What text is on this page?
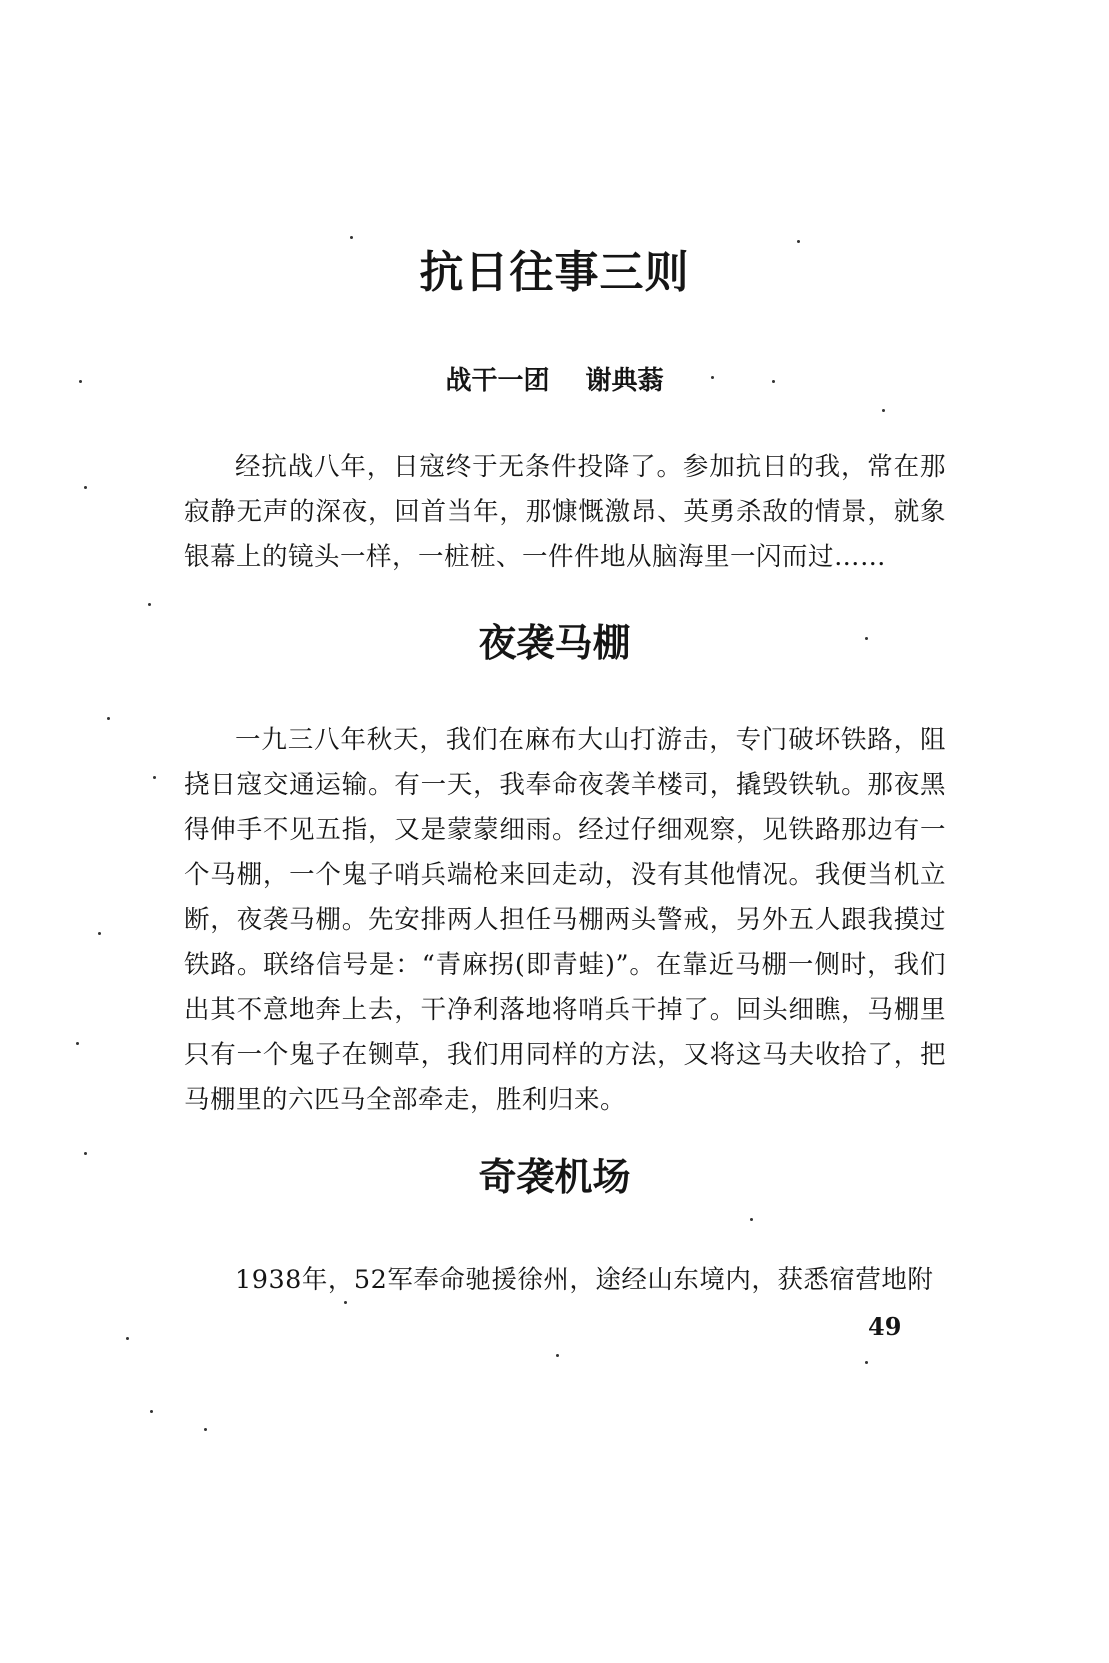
抗日往事三则

战干一团 谢典蓊

经抗战八年，日寇终于无条件投降了。参加抗日的我，常在那寂静无声的深夜，回首当年，那慷慨激昂、英勇杀敌的情景，就象银幕上的镜头一样，一桩桩、一件件地从脑海里一闪而过……

夜袭马棚

一九三八年秋天，我们在麻布大山打游击，专门破坏铁路，阻挠日寇交通运输。有一天，我奉命夜袭羊楼司，撬毁铁轨。那夜黑得伸手不见五指，又是蒙蒙细雨。经过仔细观察，见铁路那边有一个马棚，一个鬼子哨兵端枪来回走动，没有其他情况。我便当机立断，夜袭马棚。先安排两人担任马棚两头警戒，另外五人跟我摸过铁路。联络信号是：“青麻拐(即青蛙)”。在靠近马棚一侧时，我们出其不意地奔上去，干净利落地将哨兵干掉了。回头细瞧，马棚里只有一个鬼子在铡草，我们用同样的方法，又将这马夫收拾了，把马棚里的六匹马全部牵走，胜利归来。

奇袭机场

1938年，52军奉命驰援徐州，途经山东境内，获悉宿营地附

49
